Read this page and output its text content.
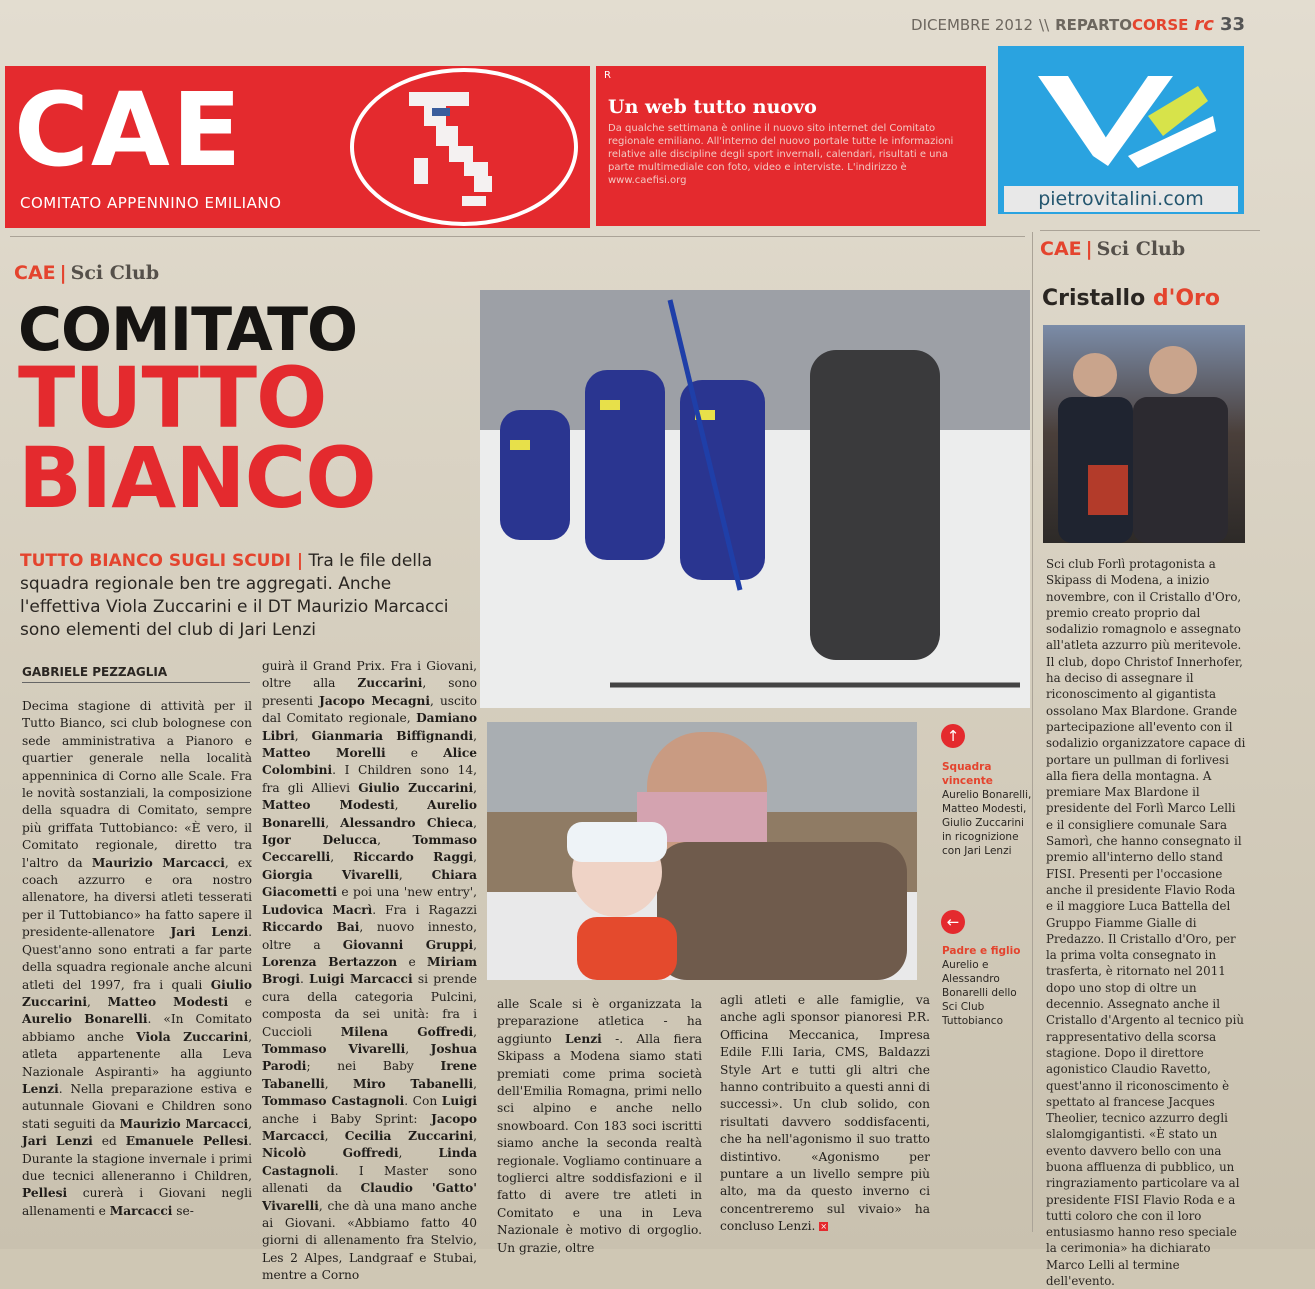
DICEMBRE 2012 \\ REPARTOCORSE rc 33
CAE
COMITATO APPENNINO EMILIANO
R
Un web tutto nuovo
Da qualche settimana è online il nuovo sito internet del Comitato regionale emiliano. All'interno del nuovo portale tutte le informazioni relative alle discipline degli sport invernali, calendari, risultati e una parte multimediale con foto, video e interviste. L'indirizzo è www.caefisi.org
pietrovitalini.com
CAE | Sci Club
COMITATO
TUTTO
BIANCO
TUTTO BIANCO SUGLI SCUDI | Tra le file della squadra regionale ben tre aggregati. Anche l'effettiva Viola Zuccarini e il DT Maurizio Marcacci sono elementi del club di Jari Lenzi
GABRIELE PEZZAGLIA

Decima stagione di attività per il Tutto Bianco, sci club bolognese con sede amministrativa a Pianoro e quartier generale nella località appenninica di Corno alle Scale. Fra le novità sostanziali, la composizione della squadra di Comitato, sempre più griffata Tuttobianco: «È vero, il Comitato regionale, diretto tra l'altro da Maurizio Marcacci, ex coach azzurro e ora nostro allenatore, ha diversi atleti tesserati per il Tuttobianco» ha fatto sapere il presidente-allenatore Jari Lenzi. Quest'anno sono entrati a far parte della squadra regionale anche alcuni atleti del 1997, fra i quali Giulio Zuccarini, Matteo Modesti e Aurelio Bonarelli. «In Comitato abbiamo anche Viola Zuccarini, atleta appartenente alla Leva Nazionale Aspiranti» ha aggiunto Lenzi. Nella preparazione estiva e autunnale Giovani e Children sono stati seguiti da Maurizio Marcacci, Jari Lenzi ed Emanuele Pellesi. Durante la stagione invernale i primi due tecnici alleneranno i Children, Pellesi curerà i Giovani negli allenamenti e Marcacci se-

guirà il Grand Prix. Fra i Giovani, oltre alla Zuccarini, sono presenti Jacopo Mecagni, uscito dal Comitato regionale, Damiano Libri, Gianmaria Biffignandi, Matteo Morelli e Alice Colombini. I Children sono 14, fra gli Allievi Giulio Zuccarini, Matteo Modesti, Aurelio Bonarelli, Alessandro Chieca, Igor Delucca, Tommaso Ceccarelli, Riccardo Raggi, Giorgia Vivarelli, Chiara Giacometti e poi una 'new entry', Ludovica Macrì. Fra i Ragazzi Riccardo Bai, nuovo innesto, oltre a Giovanni Gruppi, Lorenza Bertazzon e Miriam Brogi. Luigi Marcacci si prende cura della categoria Pulcini, composta da sei unità: fra i Cuccioli Milena Goffredi, Tommaso Vivarelli, Joshua Parodi; nei Baby Irene Tabanelli, Miro Tabanelli, Tommaso Castagnoli. Con Luigi anche i Baby Sprint: Jacopo Marcacci, Cecilia Zuccarini, Nicolò Goffredi, Linda Castagnoli. I Master sono allenati da Claudio 'Gatto' Vivarelli, che dà una mano anche ai Giovani. «Abbiamo fatto 40 giorni di allenamento fra Stelvio, Les 2 Alpes, Landgraaf e Stubai, mentre a Corno

↑
Squadra vincente
Aurelio Bonarelli, Matteo Modesti, Giulio Zuccarini in ricognizione con Jari Lenzi
←
Padre e figlio
Aurelio e Alessandro Bonarelli dello Sci Club Tuttobianco

alle Scale si è organizzata la preparazione atletica - ha aggiunto Lenzi -. Alla fiera Skipass a Modena siamo stati premiati come prima società dell'Emilia Romagna, primi nello sci alpino e anche nello snowboard. Con 183 soci iscritti siamo anche la seconda realtà regionale. Vogliamo continuare a toglierci altre soddisfazioni e il fatto di avere tre atleti in Comitato e una in Leva Nazionale è motivo di orgoglio. Un grazie, oltre

agli atleti e alle famiglie, va anche agli sponsor pianoresi P.R. Officina Meccanica, Impresa Edile F.lli Iaria, CMS, Baldazzi Style Art e tutti gli altri che hanno contribuito a questi anni di successi». Un club solido, con risultati davvero soddisfacenti, che ha nell'agonismo il suo tratto distintivo. «Agonismo per puntare a un livello sempre più alto, ma da questo inverno ci concentreremo sul vivaio» ha concluso Lenzi. ×

CAE | Sci Club
Cristallo d'Oro
Sci club Forlì protagonista a Skipass di Modena, a inizio novembre, con il Cristallo d'Oro, premio creato proprio dal sodalizio romagnolo e assegnato all'atleta azzurro più meritevole. Il club, dopo Christof Innerhofer, ha deciso di assegnare il riconoscimento al gigantista ossolano Max Blardone. Grande partecipazione all'evento con il sodalizio organizzatore capace di portare un pullman di forlivesi alla fiera della montagna. A premiare Max Blardone il presidente del Forlì Marco Lelli e il consigliere comunale Sara Samorì, che hanno consegnato il premio all'interno dello stand FISI. Presenti per l'occasione anche il presidente Flavio Roda e il maggiore Luca Battella del Gruppo Fiamme Gialle di Predazzo. Il Cristallo d'Oro, per la prima volta consegnato in trasferta, è ritornato nel 2011 dopo uno stop di oltre un decennio. Assegnato anche il Cristallo d'Argento al tecnico più rappresentativo della scorsa stagione. Dopo il direttore agonistico Claudio Ravetto, quest'anno il riconoscimento è spettato al francese Jacques Theolier, tecnico azzurro degli slalomgigantisti. «È stato un evento davvero bello con una buona affluenza di pubblico, un ringraziamento particolare va al presidente FISI Flavio Roda e a tutti coloro che con il loro entusiasmo hanno reso speciale la cerimonia» ha dichiarato Marco Lelli al termine dell'evento.
